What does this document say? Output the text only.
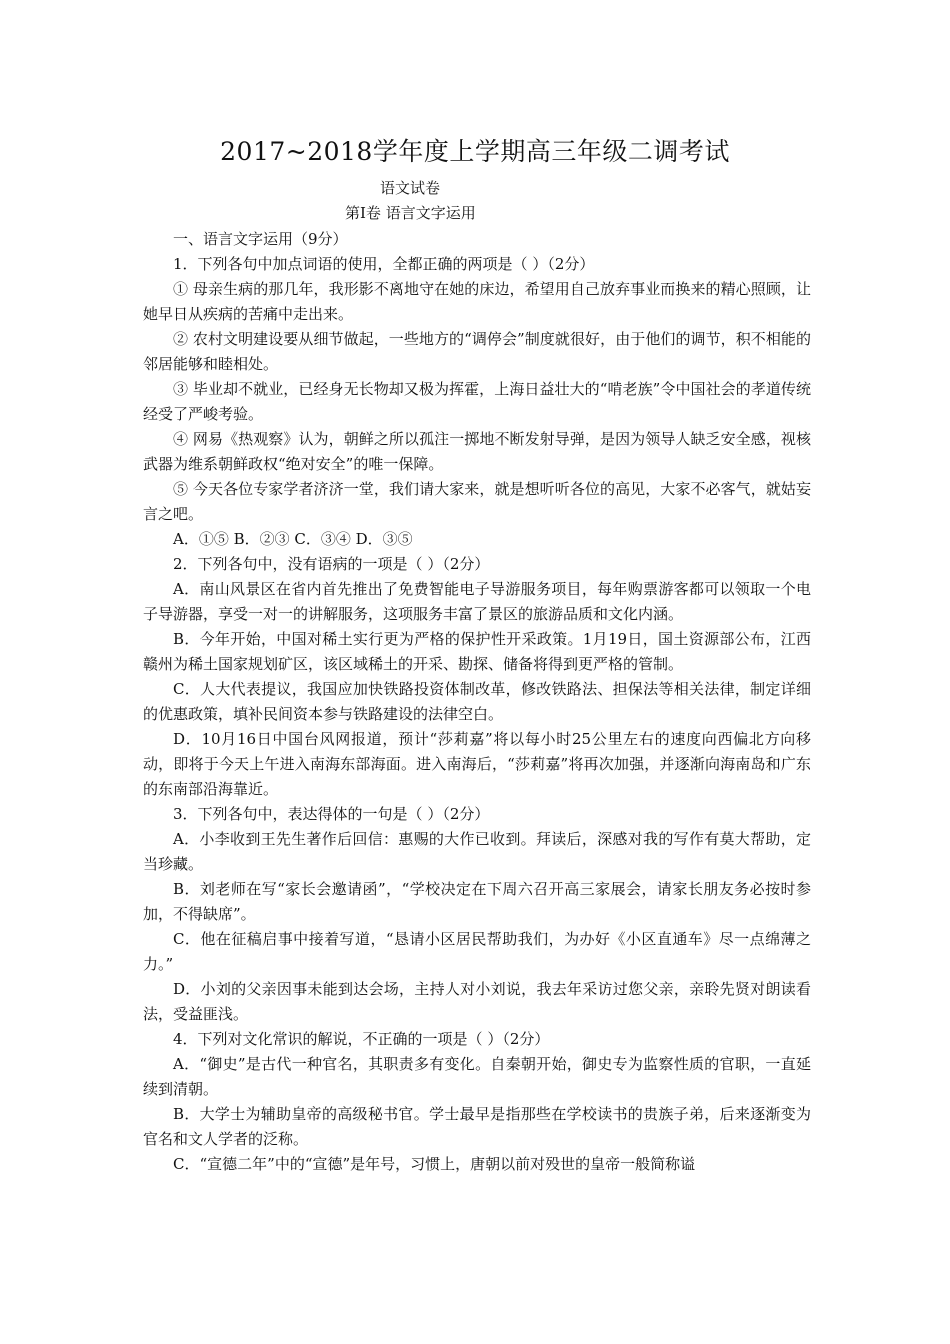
2017~2018学年度上学期高三年级二调考试
语文试卷
第Ⅰ卷 语言文字运用

一、语言文字运用（9分）

1．下列各句中加点词语的使用，全都正确的两项是（ ）（2分）

① 母亲生病的那几年，我形影不离地守在她的床边，希望用自己放弃事业而换来的精心照顾，让她早日从疾病的苦痛中走出来。

② 农村文明建设要从细节做起，一些地方的“调停会”制度就很好，由于他们的调节，积不相能的邻居能够和睦相处。

③ 毕业却不就业，已经身无长物却又极为挥霍，上海日益壮大的“啃老族”令中国社会的孝道传统经受了严峻考验。

④ 网易《热观察》认为，朝鲜之所以孤注一掷地不断发射导弹，是因为领导人缺乏安全感，视核武器为维系朝鲜政权“绝对安全”的唯一保障。

⑤ 今天各位专家学者济济一堂，我们请大家来，就是想听听各位的高见，大家不必客气，就姑妄言之吧。

A．①⑤ B．②③ C．③④ D．③⑤

2．下列各句中，没有语病的一项是（ ）（2分）

A．南山风景区在省内首先推出了免费智能电子导游服务项目，每年购票游客都可以领取一个电子导游器，享受一对一的讲解服务，这项服务丰富了景区的旅游品质和文化内涵。

B．今年开始，中国对稀土实行更为严格的保护性开采政策。1月19日，国土资源部公布，江西赣州为稀土国家规划矿区，该区域稀土的开采、勘探、储备将得到更严格的管制。

C．人大代表提议，我国应加快铁路投资体制改革，修改铁路法、担保法等相关法律，制定详细的优惠政策，填补民间资本参与铁路建设的法律空白。

D．10月16日中国台风网报道，预计“莎莉嘉”将以每小时25公里左右的速度向西偏北方向移动，即将于今天上午进入南海东部海面。进入南海后，“莎莉嘉”将再次加强，并逐渐向海南岛和广东的东南部沿海靠近。

3．下列各句中，表达得体的一句是（ ）（2分）

A．小李收到王先生著作后回信：惠赐的大作已收到。拜读后，深感对我的写作有莫大帮助，定当珍藏。

B．刘老师在写“家长会邀请函”，“学校决定在下周六召开高三家展会，请家长朋友务必按时参加，不得缺席”。

C．他在征稿启事中接着写道，“恳请小区居民帮助我们，为办好《小区直通车》尽一点绵薄之力。”

D．小刘的父亲因事未能到达会场，主持人对小刘说，我去年采访过您父亲，亲聆先贤对朗读看法，受益匪浅。

4．下列对文化常识的解说，不正确的一项是（ ）（2分）

A．“御史”是古代一种官名，其职责多有变化。自秦朝开始，御史专为监察性质的官职，一直延续到清朝。

B．大学士为辅助皇帝的高级秘书官。学士最早是指那些在学校读书的贵族子弟，后来逐渐变为官名和文人学者的泛称。

C．“宣德二年”中的“宣德”是年号，习惯上，唐朝以前对殁世的皇帝一般简称谥
